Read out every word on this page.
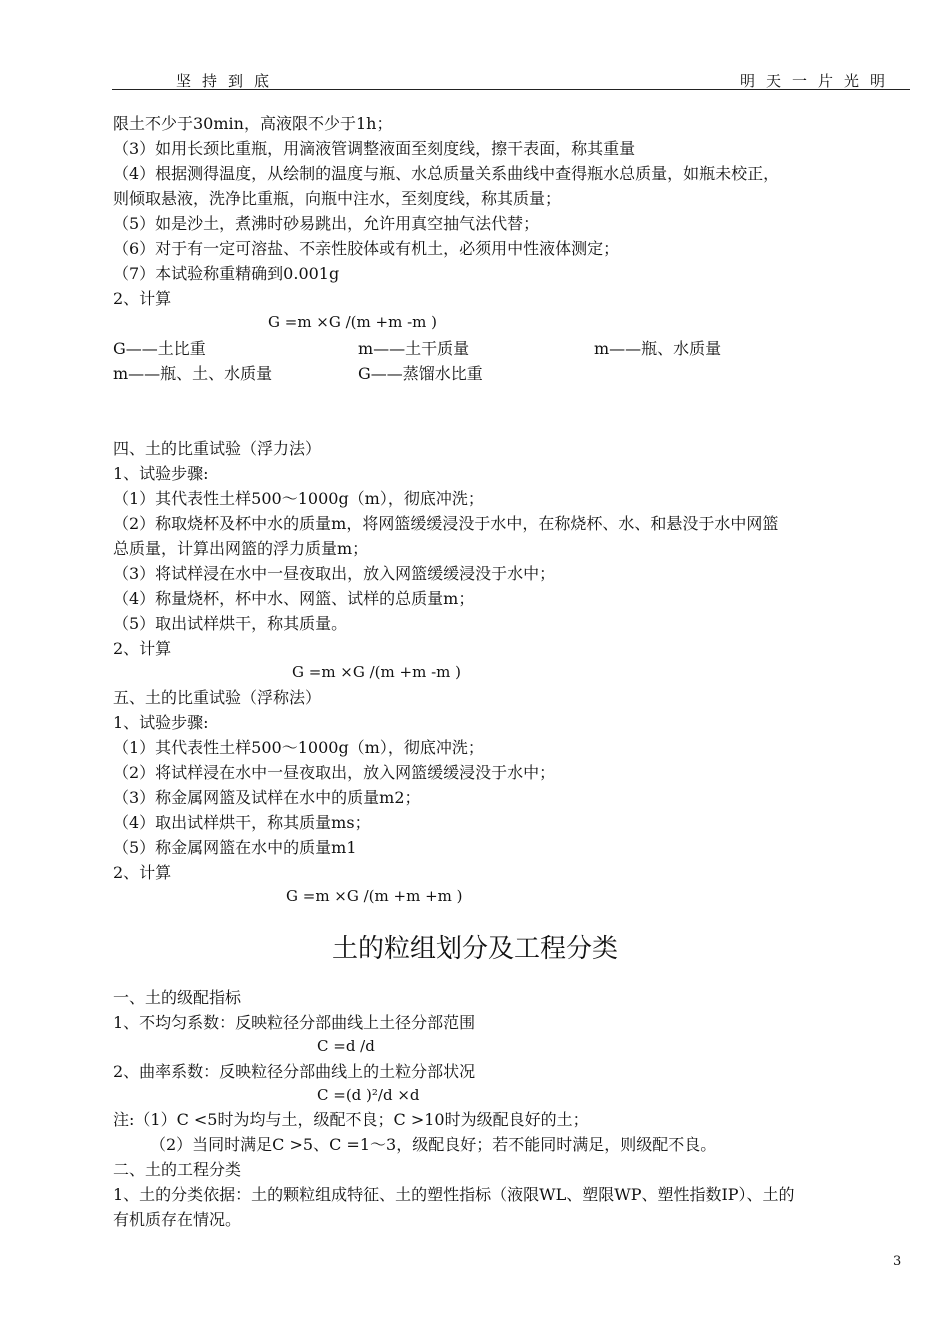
坚持到底	明天一片光明
限土不少于30min，高液限不少于1h；
（3）如用长颈比重瓶，用滴液管调整液面至刻度线，擦干表面，称其重量
（4）根据测得温度，从绘制的温度与瓶、水总质量关系曲线中查得瓶水总质量，如瓶未校正，
则倾取悬液，洗净比重瓶，向瓶中注水，至刻度线，称其质量；
（5）如是沙土，煮沸时砂易跳出，允许用真空抽气法代替；
（6）对于有一定可溶盐、不亲性胶体或有机土，必须用中性液体测定；
（7）本试验称重精确到0.001g
2、计算
G =m ×G /(m +m -m )
G——土比重	m——土干质量	m——瓶、水质量
m——瓶、土、水质量	G——蒸馏水比重
四、土的比重试验（浮力法）
1、试验步骤:
（1）其代表性土样500～1000g（m），彻底冲洗；
（2）称取烧杯及杯中水的质量m，将网篮缓缓浸没于水中，在称烧杯、水、和悬没于水中网篮
总质量，计算出网篮的浮力质量m；
（3）将试样浸在水中一昼夜取出，放入网篮缓缓浸没于水中；
（4）称量烧杯，杯中水、网篮、试样的总质量m；
（5）取出试样烘干，称其质量。
2、计算
G =m ×G /(m +m -m )
五、土的比重试验（浮称法）
1、试验步骤:
（1）其代表性土样500～1000g（m），彻底冲洗；
（2）将试样浸在水中一昼夜取出，放入网篮缓缓浸没于水中；
（3）称金属网篮及试样在水中的质量m2；
（4）取出试样烘干，称其质量ms；
（5）称金属网篮在水中的质量m1
2、计算
G =m ×G /(m +m +m )
土的粒组划分及工程分类
一、土的级配指标
1、不均匀系数：反映粒径分部曲线上土径分部范围
C =d /d
2、曲率系数：反映粒径分部曲线上的土粒分部状况
C =(d )²/d ×d
注:（1）C <5时为均与土，级配不良；C >10时为级配良好的土；
（2）当同时满足C >5、C =1～3，级配良好；若不能同时满足，则级配不良。
二、土的工程分类
1、土的分类依据：土的颗粒组成特征、土的塑性指标（液限WL、塑限WP、塑性指数IP）、土的
有机质存在情况。
3
